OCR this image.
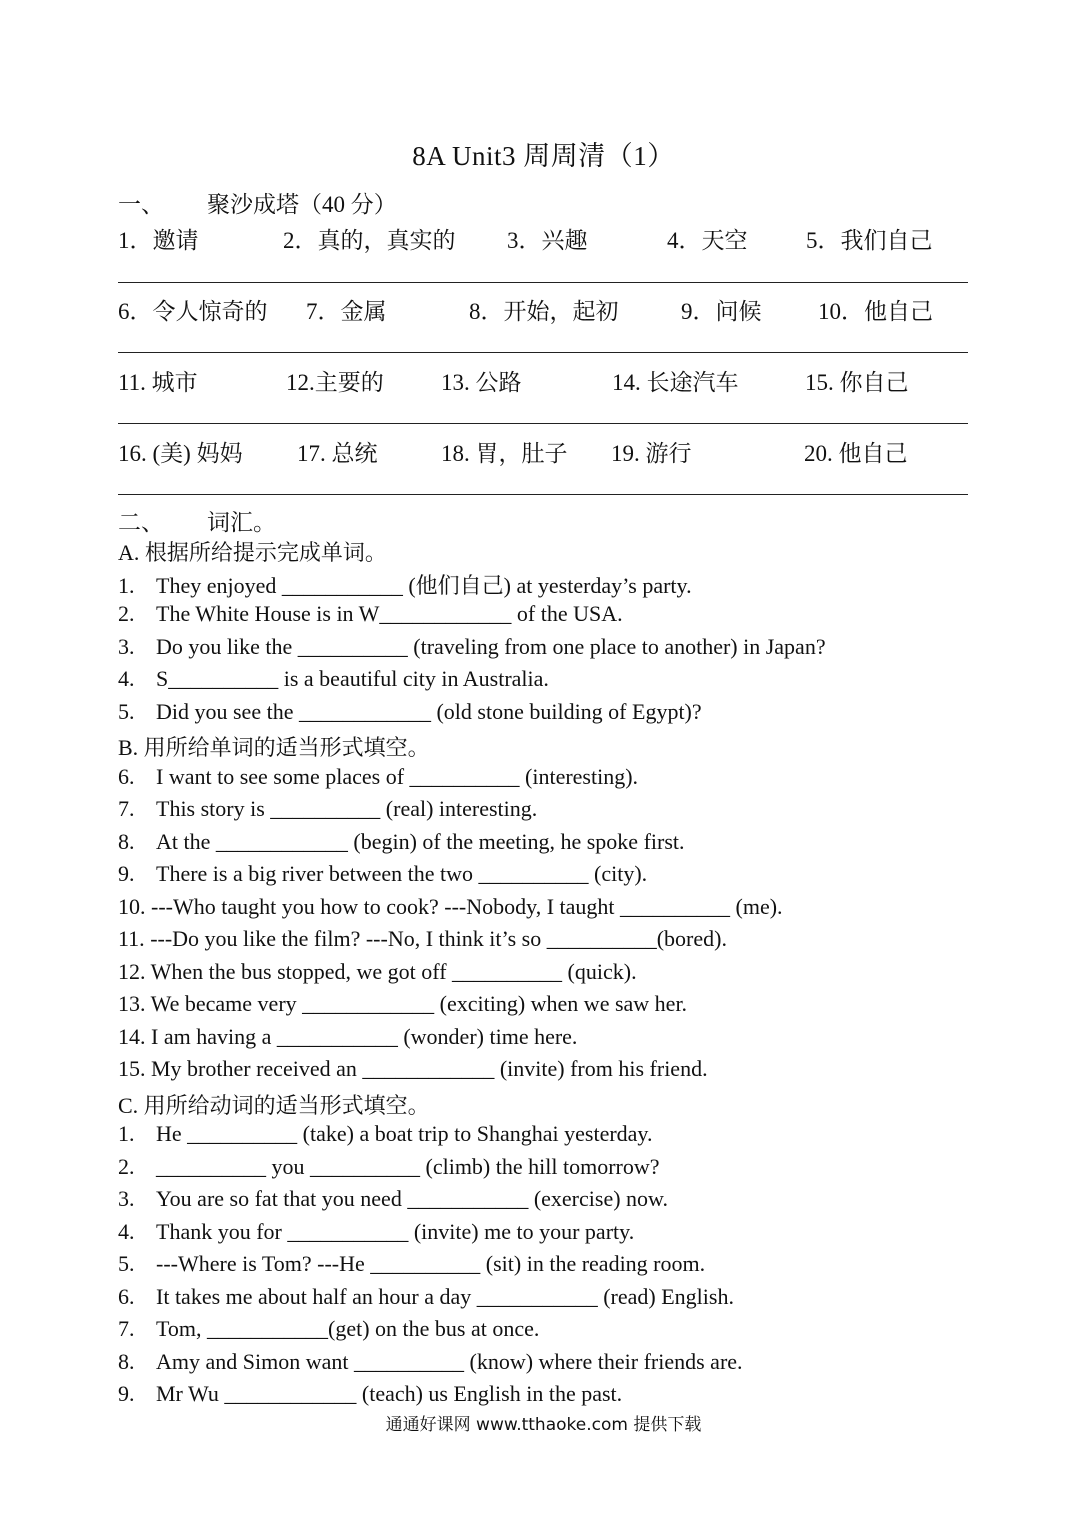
8A Unit3 周周清（1）
一、 聚沙成塔（40 分）
1．邀请	2．真的，真实的 3．兴趣	4．天空	5．我们自己
6．令人惊奇的 7．金属	8．开始，起初	9．问候 10．他自己
11. 城市	12.主要的 13. 公路	14. 长途汽车	15. 你自己
16. (美) 妈妈 17. 总统	18. 胃，肚子 19. 游行	20. 他自己
二、 词汇。
A. 根据所给提示完成单词。
1. They enjoyed ___________ (他们自己) at yesterday’s party.
2. The White House is in W____________ of the USA.
3. Do you like the __________ (traveling from one place to another) in Japan?
4. S__________ is a beautiful city in Australia.
5. Did you see the ____________ (old stone building of Egypt)?
B. 用所给单词的适当形式填空。
6. I want to see some places of __________ (interesting).
7. This story is __________ (real) interesting.
8. At the ____________ (begin) of the meeting, he spoke first.
9. There is a big river between the two __________ (city).
10. ---Who taught you how to cook? ---Nobody, I taught __________ (me).
11. ---Do you like the film? ---No, I think it’s so __________(bored).
12. When the bus stopped, we got off __________ (quick).
13. We became very ____________ (exciting) when we saw her.
14. I am having a ___________ (wonder) time here.
15. My brother received an ____________ (invite) from his friend.
C. 用所给动词的适当形式填空。
1. He __________ (take) a boat trip to Shanghai yesterday.
2. __________ you __________ (climb) the hill tomorrow?
3. You are so fat that you need ___________ (exercise) now.
4. Thank you for ___________ (invite) me to your party.
5. ---Where is Tom? ---He __________ (sit) in the reading room.
6. It takes me about half an hour a day ___________ (read) English.
7. Tom, ___________(get) on the bus at once.
8. Amy and Simon want __________ (know) where their friends are.
9. Mr Wu ____________ (teach) us English in the past.
通通好课网 www.tthaoke.com 提供下载
